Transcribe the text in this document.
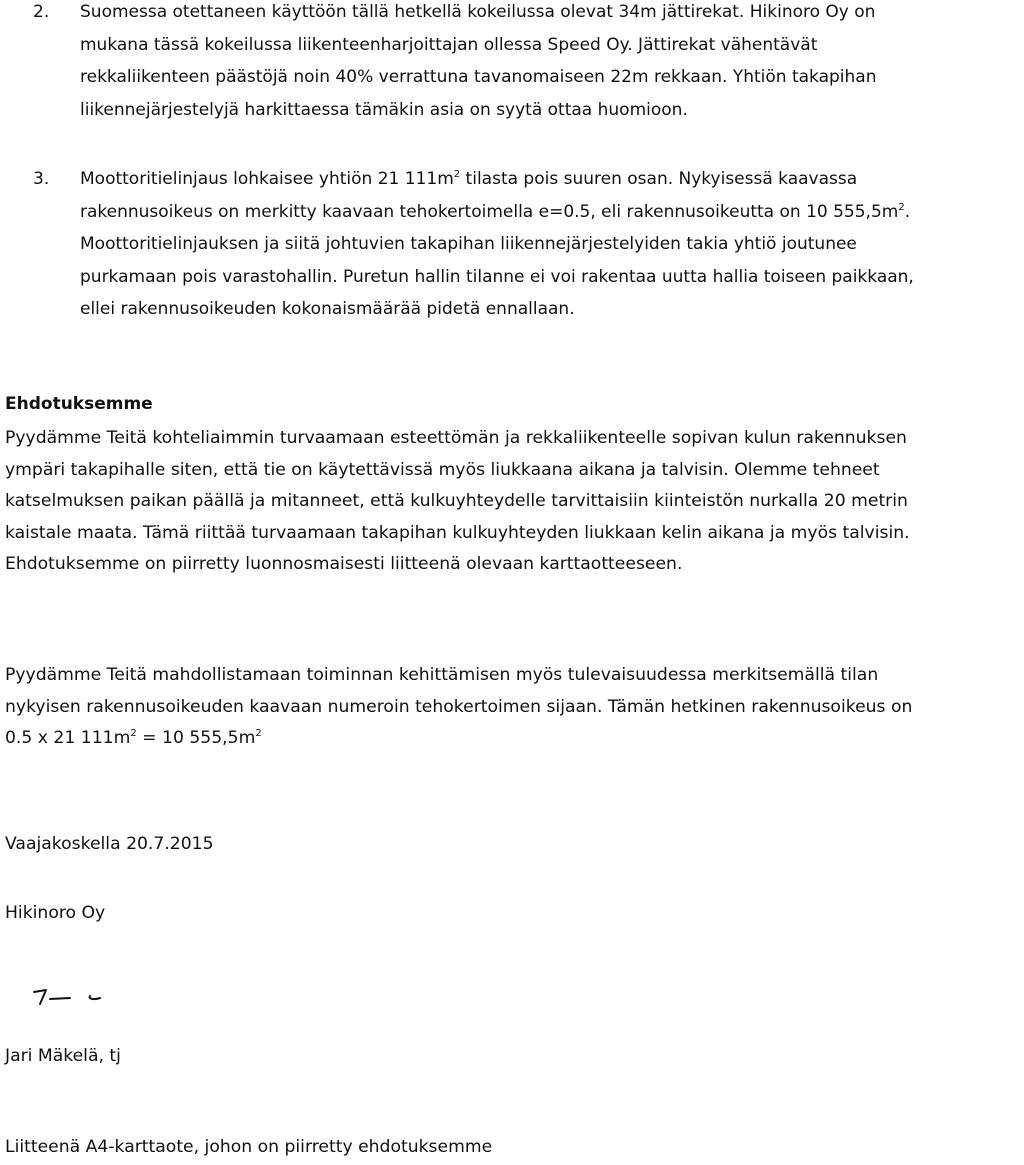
2. Suomessa otettaneen käyttöön tällä hetkellä kokeilussa olevat 34m jättirekat. Hikinoro Oy on
mukana tässä kokeilussa liikenteenharjoittajan ollessa Speed Oy. Jättirekat vähentävät
rekkaliikenteen päästöjä noin 40% verrattuna tavanomaiseen 22m rekkaan. Yhtiön takapihan
liikennejärjestelyjä harkittaessa tämäkin asia on syytä ottaa huomioon.
3. Moottoritielinjaus lohkaisee yhtiön 21 $111m^2$ tilasta pois suuren osan. Nykyisessä kaavassa
rakennusoikeus on merkitty kaavaan tehokertoimella e=0.5, eli rakennusoikeutta on 10 $555,5m^2$.
Moottoritielinjauksen ja siitä johtuvien takapihan liikennejärjestelyiden takia yhtiö joutunee
purkamaan pois varastohallin. Puretun hallin tilanne ei voi rakentaa uutta hallia toiseen paikkaan,
ellei rakennusoikeuden kokonaismäärää pidetä ennallaan.
Ehdotuksemme
Pyydämme Teitä kohteliaimmin turvaamaan esteettömän ja rekkaliikenteelle sopivan kulun rakennuksen
ympäri takapihalle siten, että tie on käytettävissä myös liukkaana aikana ja talvisin. Olemme tehneet
katselmuksen paikan päällä ja mitanneet, että kulkuyhteydelle tarvittaisiin kiinteistön nurkalla 20 metrin
kaistale maata. Tämä riittää turvaamaan takapihan kulkuyhteyden liukkaan kelin aikana ja myös talvisin.
Ehdotuksemme on piirretty luonnosmaisesti liitteenä olevaan karttaotteeseen.
Pyydämme Teitä mahdollistamaan toiminnan kehittämisen myös tulevaisuudessa merkitsemällä tilan
nykyisen rakennusoikeuden kaavaan numeroin tehokertoimen sijaan. Tämän hetkinen rakennusoikeus on
0.5 x 21 $111m^2 = 10$ $555,5m^2$
Vaajakoskella 20.7.2015
Hikinoro Oy
Jari Mäkelä, tj
Liitteenä A4-karttaote, johon on piirretty ehdotuksemme
